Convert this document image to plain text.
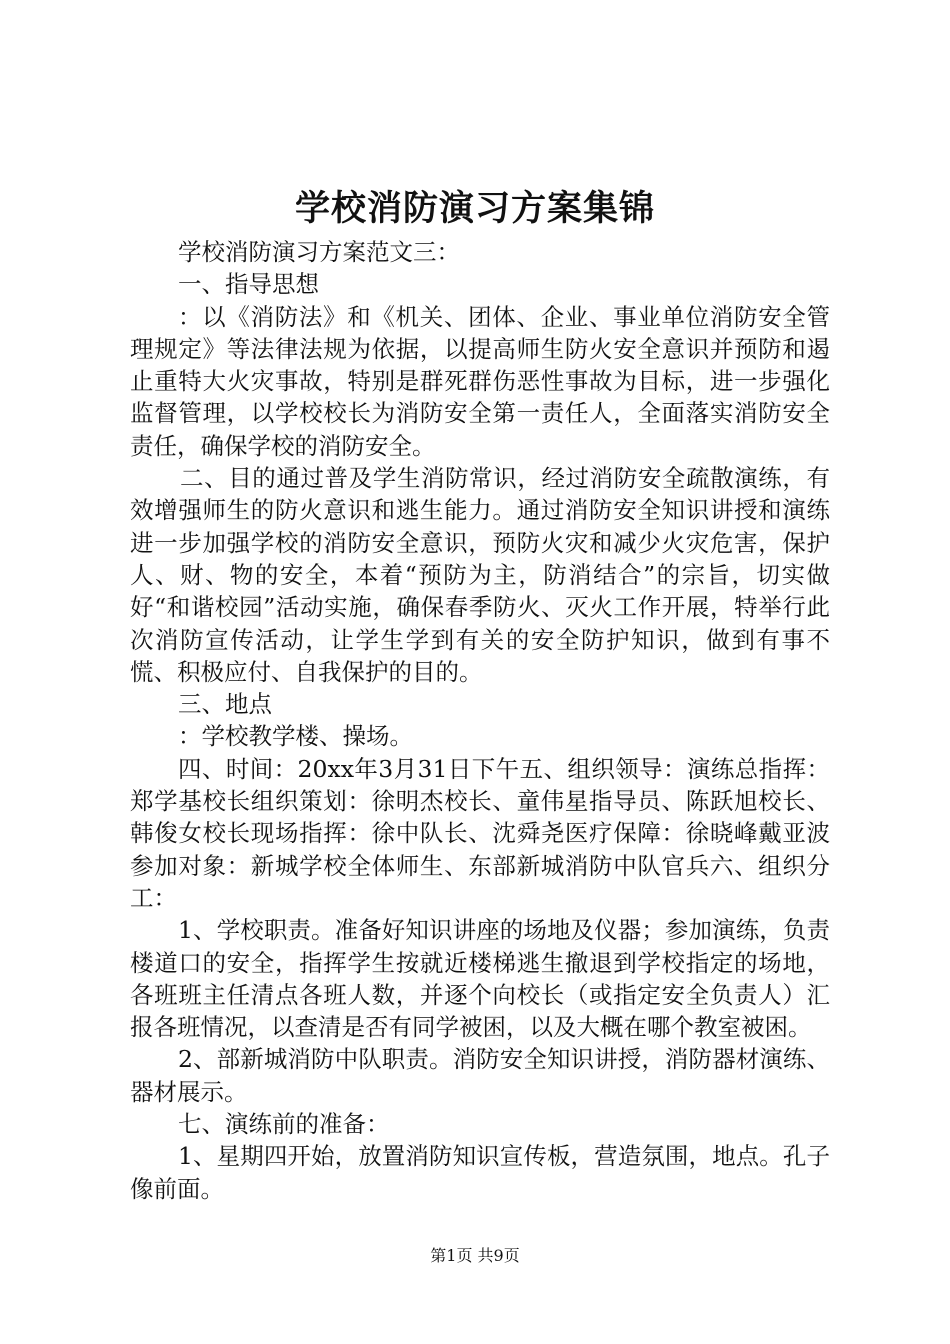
学校消防演习方案集锦

学校消防演习方案范文三：

一、指导思想

：以《消防法》和《机关、团体、企业、事业单位消防安全管理规定》等法律法规为依据，以提高师生防火安全意识并预防和遏止重特大火灾事故，特别是群死群伤恶性事故为目标，进一步强化监督管理，以学校校长为消防安全第一责任人，全面落实消防安全责任，确保学校的消防安全。

二、目的通过普及学生消防常识，经过消防安全疏散演练，有效增强师生的防火意识和逃生能力。通过消防安全知识讲授和演练进一步加强学校的消防安全意识，预防火灾和减少火灾危害，保护人、财、物的安全，本着“预防为主，防消结合”的宗旨，切实做好“和谐校园”活动实施，确保春季防火、灭火工作开展，特举行此次消防宣传活动，让学生学到有关的安全防护知识，做到有事不慌、积极应付、自我保护的目的。

三、地点

：学校教学楼、操场。

四、时间：20xx年3月31日下午五、组织领导：演练总指挥：郑学基校长组织策划：徐明杰校长、童伟星指导员、陈跃旭校长、韩俊女校长现场指挥：徐中队长、沈舜尧医疗保障：徐晓峰戴亚波参加对象：新城学校全体师生、东部新城消防中队官兵六、组织分工：

1、学校职责。准备好知识讲座的场地及仪器；参加演练，负责楼道口的安全，指挥学生按就近楼梯逃生撤退到学校指定的场地，各班班主任清点各班人数，并逐个向校长（或指定安全负责人）汇报各班情况，以查清是否有同学被困，以及大概在哪个教室被困。

2、部新城消防中队职责。消防安全知识讲授，消防器材演练、器材展示。

七、演练前的准备：

1、星期四开始，放置消防知识宣传板，营造氛围，地点。孔子像前面。

第1页 共9页
